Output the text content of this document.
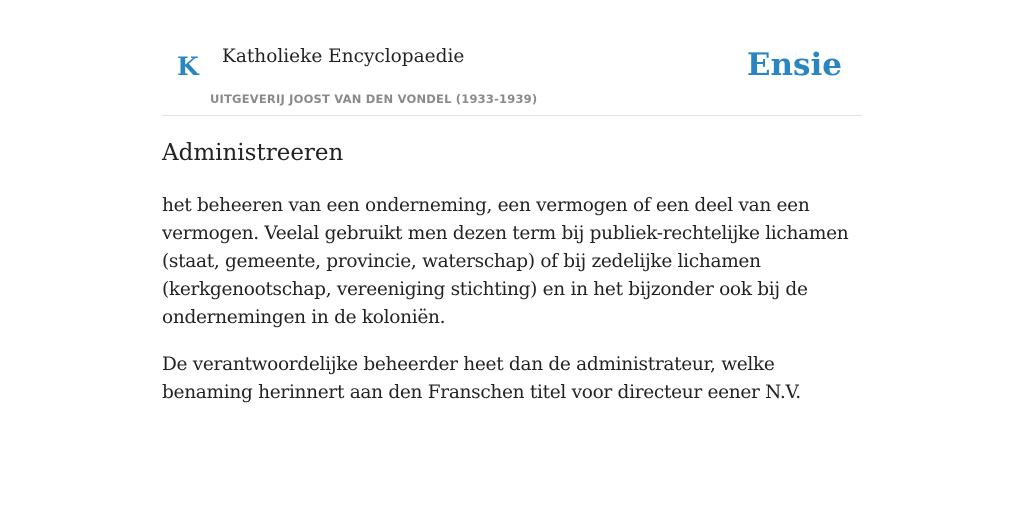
K Katholieke Encyclopaedie
UITGEVERIJ JOOST VAN DEN VONDEL (1933-1939)
Ensie
Administreeren

het beheeren van een onderneming, een vermogen of een deel van een vermogen. Veelal gebruikt men dezen term bij publiek-rechtelijke lichamen (staat, gemeente, provincie, waterschap) of bij zedelijke lichamen (kerkgenootschap, vereeniging stichting) en in het bijzonder ook bij de ondernemingen in de koloniën.

De verantwoordelijke beheerder heet dan de administrateur, welke benaming herinnert aan den Franschen titel voor directeur eener N.V.
